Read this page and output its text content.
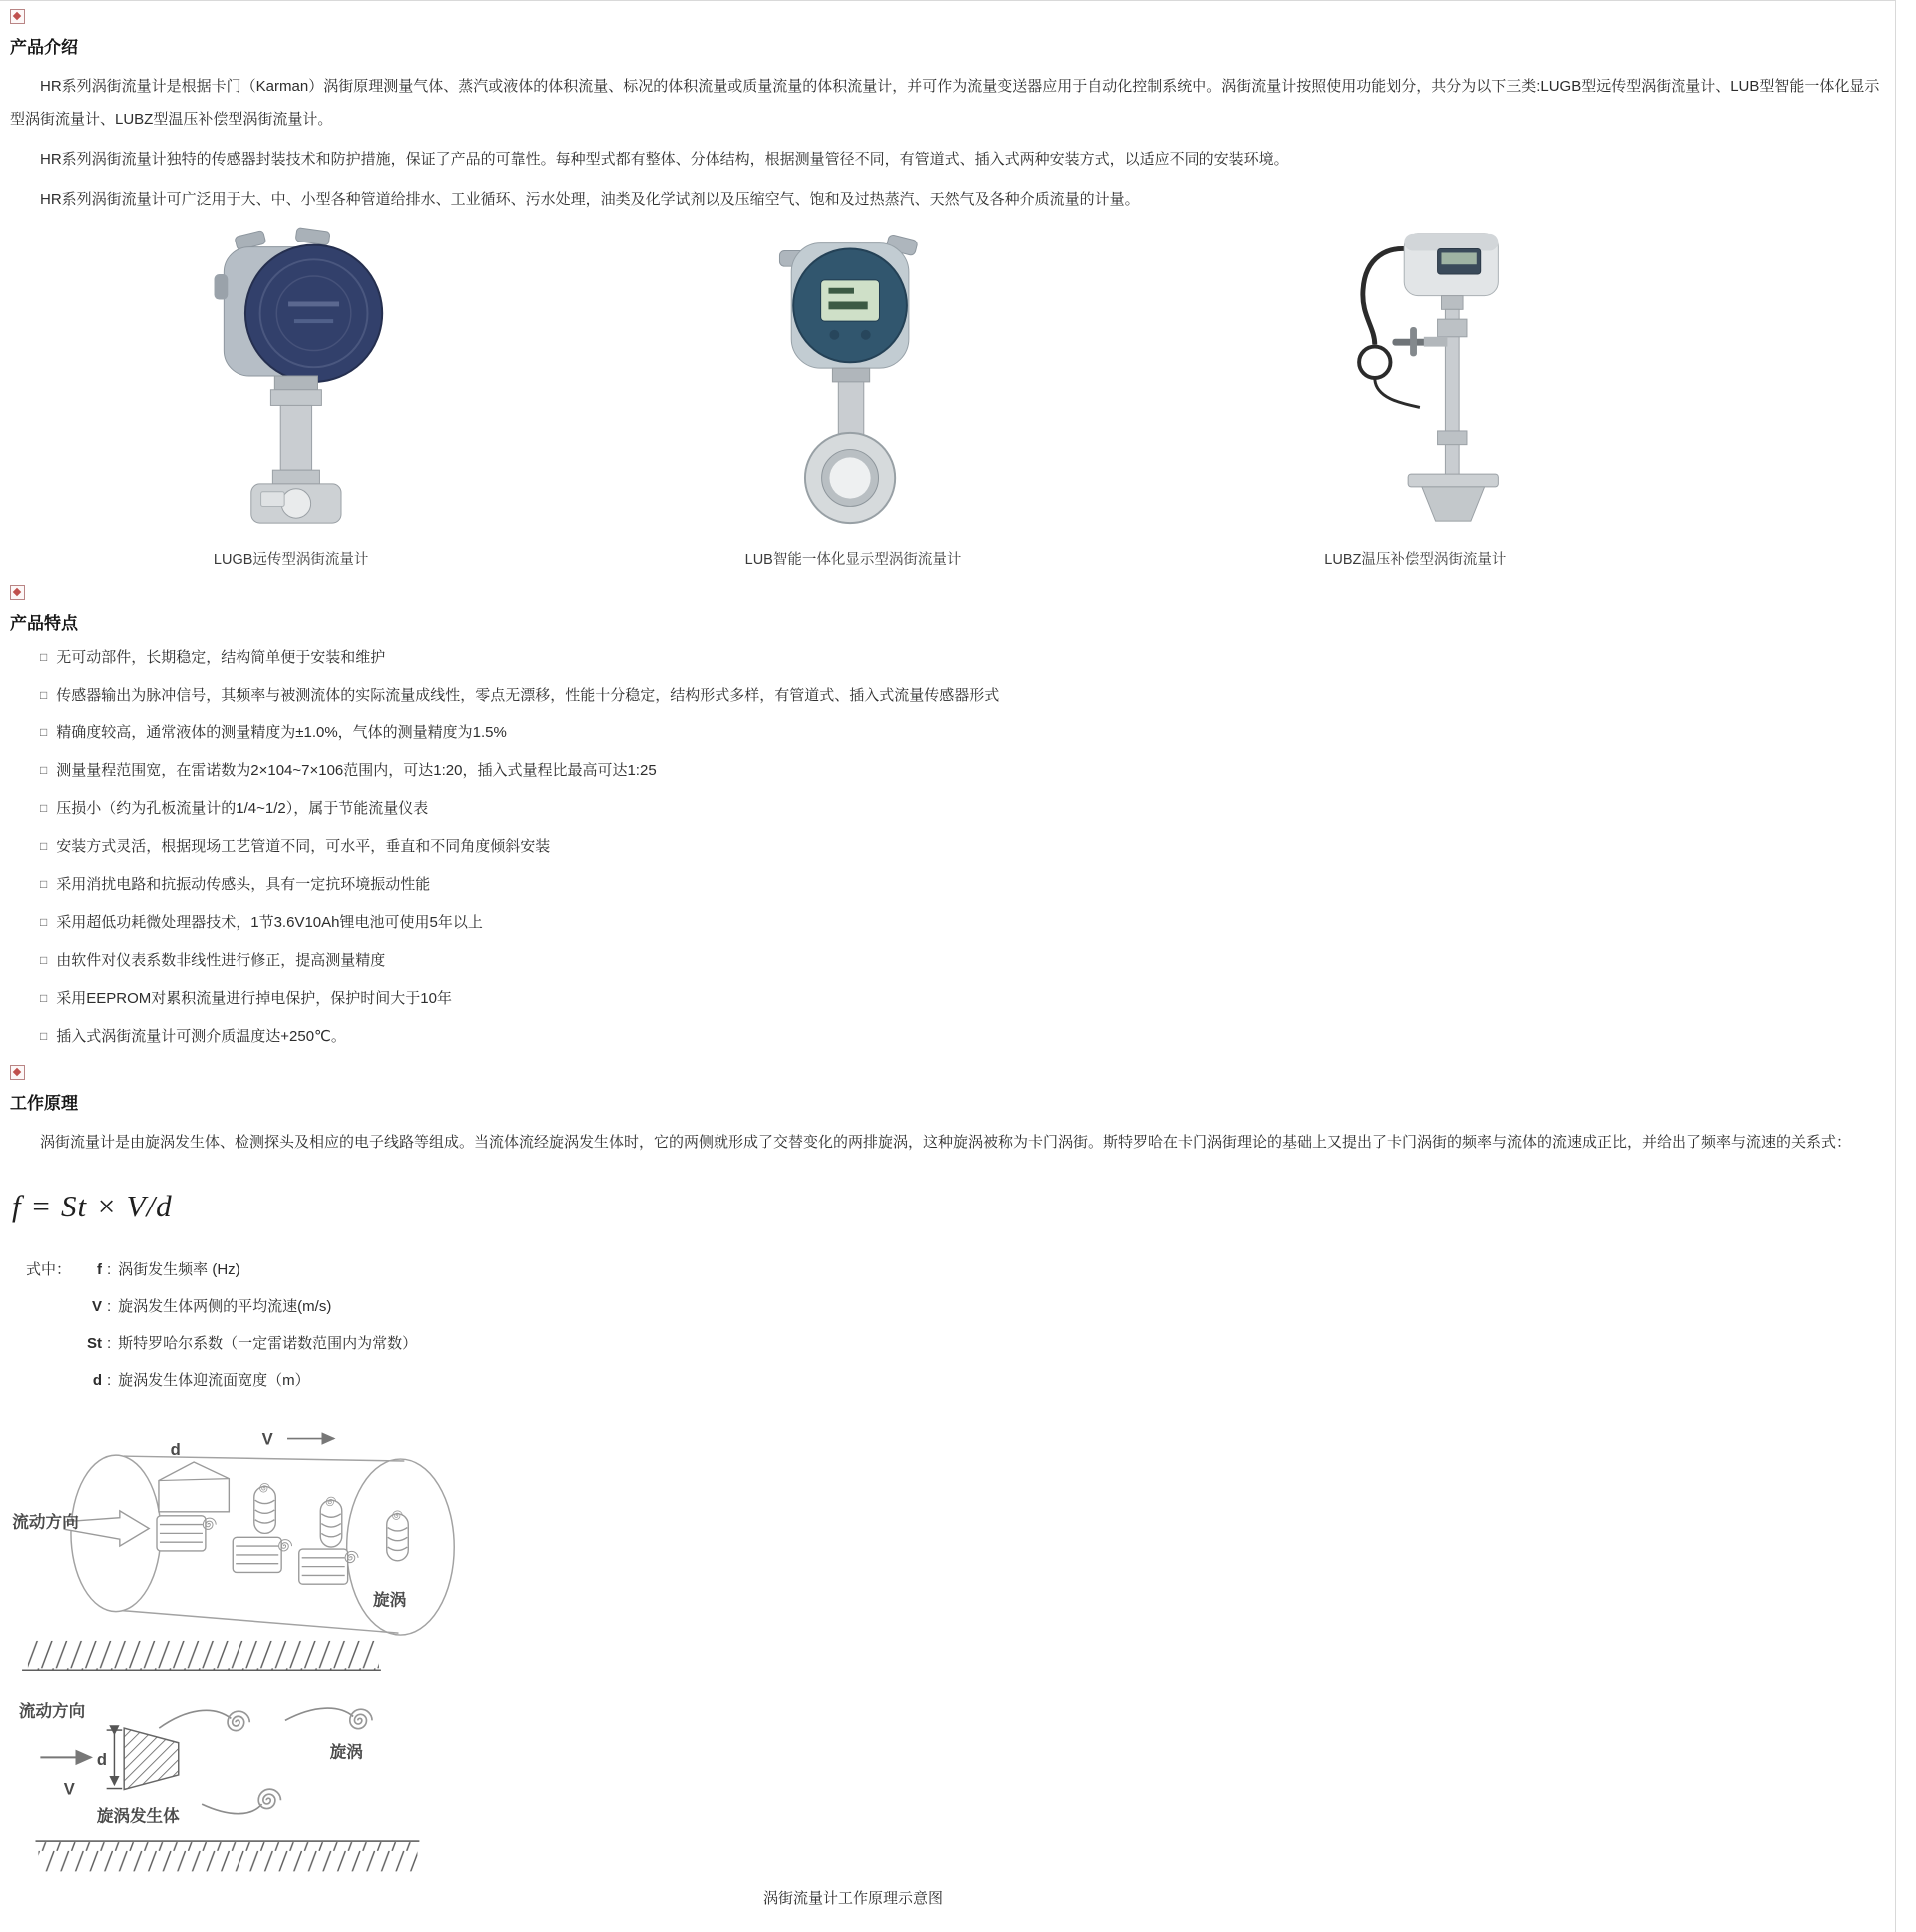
产品介绍

HR系列涡街流量计是根据卡门（Karman）涡街原理测量气体、蒸汽或液体的体积流量、标况的体积流量或质量流量的体积流量计，并可作为流量变送器应用于自动化控制系统中。涡街流量计按照使用功能划分，共分为以下三类:LUGB型远传型涡街流量计、LUB型智能一体化显示型涡街流量计、LUBZ型温压补偿型涡街流量计。

HR系列涡街流量计独特的传感器封装技术和防护措施，保证了产品的可靠性。每种型式都有整体、分体结构，根据测量管径不同，有管道式、插入式两种安装方式，以适应不同的安装环境。

HR系列涡街流量计可广泛用于大、中、小型各种管道给排水、工业循环、污水处理，油类及化学试剂以及压缩空气、饱和及过热蒸汽、天然气及各种介质流量的计量。

LUGB远传型涡街流量计	LUB智能一体化显示型涡街流量计	LUBZ温压补偿型涡街流量计
产品特点
□ 无可动部件，长期稳定，结构简单便于安装和维护
□ 传感器输出为脉冲信号，其频率与被测流体的实际流量成线性，零点无漂移，性能十分稳定，结构形式多样，有管道式、插入式流量传感器形式
□ 精确度较高，通常液体的测量精度为±1.0%，气体的测量精度为1.5%
□ 测量量程范围宽，在雷诺数为2×104~7×106范围内，可达1:20，插入式量程比最高可达1:25
□ 压损小（约为孔板流量计的1/4~1/2），属于节能流量仪表
□ 安装方式灵活，根据现场工艺管道不同，可水平，垂直和不同角度倾斜安装
□ 采用消扰电路和抗振动传感头，具有一定抗环境振动性能
□ 采用超低功耗微处理器技术，1节3.6V10Ah锂电池可使用5年以上
□ 由软件对仪表系数非线性进行修正，提高测量精度
□ 采用EEPROM对累积流量进行掉电保护，保护时间大于10年
□ 插入式涡街流量计可测介质温度达+250℃。
工作原理

涡街流量计是由旋涡发生体、检测探头及相应的电子线路等组成。当流体流经旋涡发生体时，它的两侧就形成了交替变化的两排旋涡，这种旋涡被称为卡门涡街。斯特罗哈在卡门涡街理论的基础上又提出了卡门涡街的频率与流体的流速成正比，并给出了频率与流速的关系式：

f = St × V/d
式中： f : 涡街发生频率 (Hz)
V : 旋涡发生体两侧的平均流速(m/s)
St : 斯特罗哈尔系数（一定雷诺数范围内为常数）
d : 旋涡发生体迎流面宽度（m）
流动方向
d
V
旋涡
流动方向
V
d
旋涡发生体
旋涡
涡街流量计工作原理示意图
